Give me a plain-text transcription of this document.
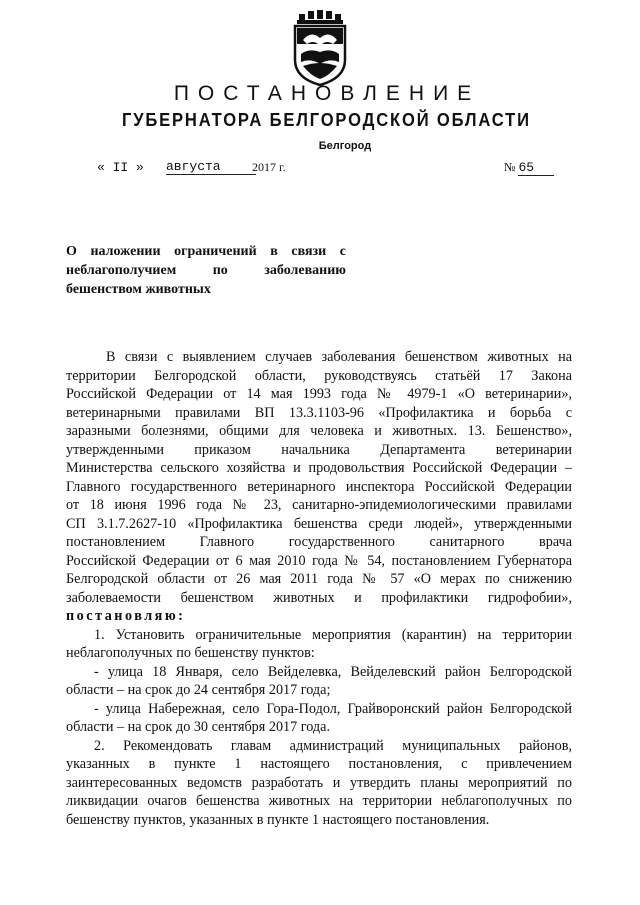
ПОСТАНОВЛЕНИЕ
ГУБЕРНАТОРА БЕЛГОРОДСКОЙ ОБЛАСТИ
Белгород
« II » августа	2017 г.	№ 65
О наложении ограничений в связи с
неблагополучием по заболеванию
бешенством животных
В связи с выявлением случаев заболевания бешенством животных на
территории Белгородской области, руководствуясь статьёй 17 Закона
Российской Федерации от 14 мая 1993 года № 4979-1 «О ветеринарии»,
ветеринарными правилами ВП 13.3.1103-96 «Профилактика и борьба с
заразными болезнями, общими для человека и животных. 13. Бешенство»,
утвержденными приказом начальника Департамента ветеринарии
Министерства сельского хозяйства и продовольствия Российской Федерации –
Главного государственного ветеринарного инспектора Российской Федерации
от 18 июня 1996 года № 23, санитарно-эпидемиологическими правилами
СП 3.1.7.2627-10 «Профилактика бешенства среди людей», утвержденными
постановлением Главного государственного санитарного врача
Российской Федерации от 6 мая 2010 года № 54, постановлением Губернатора
Белгородской области от 26 мая 2011 года № 57 «О мерах по снижению
заболеваемости бешенством животных и профилактики гидрофобии»,
постановляю:
1. Установить ограничительные мероприятия (карантин) на территории
неблагополучных по бешенству пунктов:
- улица 18 Января, село Вейделевка, Вейделевский район Белгородской
области – на срок до 24 сентября 2017 года;
- улица Набережная, село Гора-Подол, Грайворонский район Белгородской
области – на срок до 30 сентября 2017 года.
2. Рекомендовать главам администраций муниципальных районов,
указанных в пункте 1 настоящего постановления, с привлечением
заинтересованных ведомств разработать и утвердить планы мероприятий по
ликвидации очагов бешенства животных на территории неблагополучных по
бешенству пунктов, указанных в пункте 1 настоящего постановления.
